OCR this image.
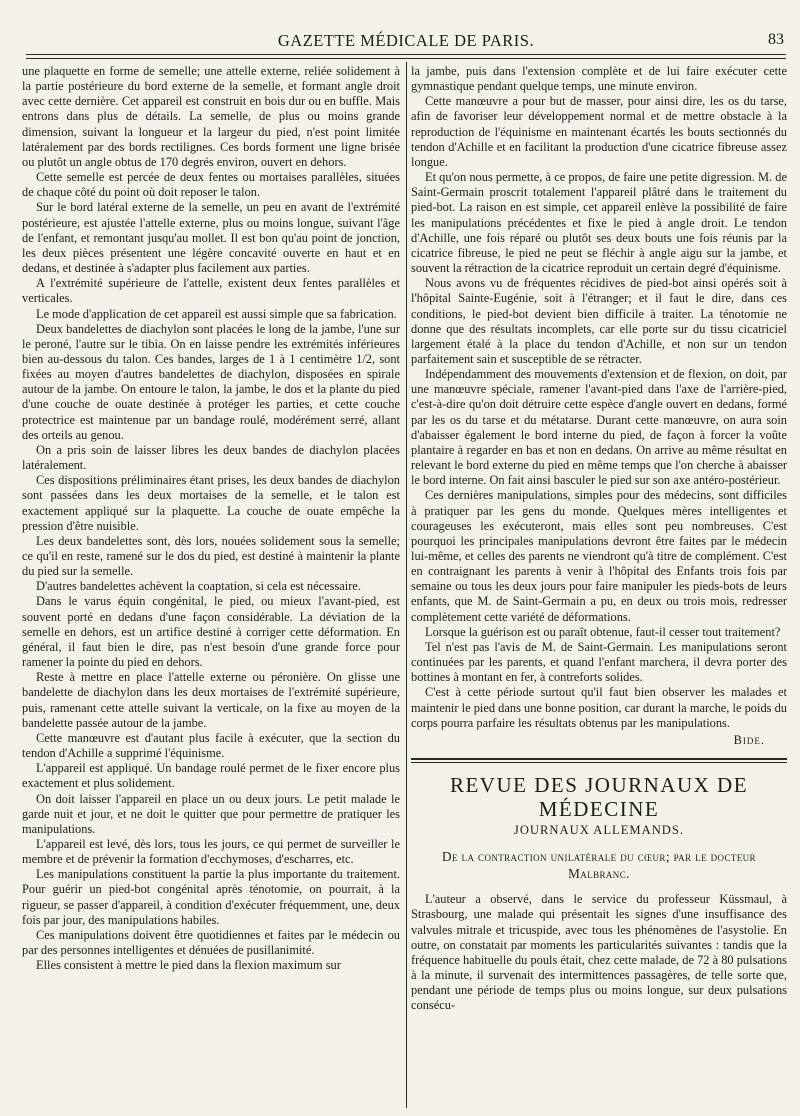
GAZETTE MÉDICALE DE PARIS.	83

une plaquette en forme de semelle; une attelle externe, reliée solidement à la partie postérieure du bord externe de la semelle, et formant angle droit avec cette dernière. Cet appareil est construit en bois dur ou en buffle. Mais entrons dans plus de détails. La semelle, de plus ou moins grande dimension, suivant la longueur et la largeur du pied, n'est point limitée latéralement par des bords rectilignes. Ces bords forment une ligne brisée ou plutôt un angle obtus de 170 degrés environ, ouvert en dehors.

Cette semelle est percée de deux fentes ou mortaises parallèles, situées de chaque côté du point où doit reposer le talon.

Sur le bord latéral externe de la semelle, un peu en avant de l'extrémité postérieure, est ajustée l'attelle externe, plus ou moins longue, suivant l'âge de l'enfant, et remontant jusqu'au mollet. Il est bon qu'au point de jonction, les deux pièces présentent une légère concavité ouverte en haut et en dedans, et destinée à s'adapter plus facilement aux parties.

A l'extrémité supérieure de l'attelle, existent deux fentes parallèles et verticales.

Le mode d'application de cet appareil est aussi simple que sa fabrication.

Deux bandelettes de diachylon sont placées le long de la jambe, l'une sur le peroné, l'autre sur le tibia. On en laisse pendre les extrémités inférieures bien au-dessous du talon. Ces bandes, larges de 1 à 1 centimètre 1/2, sont fixées au moyen d'autres bandelettes de diachylon, disposées en spirale autour de la jambe. On entoure le talon, la jambe, le dos et la plante du pied d'une couche de ouate destinée à protéger les parties, et cette couche protectrice est maintenue par un bandage roulé, modérément serré, allant des orteils au genou.

On a pris soin de laisser libres les deux bandes de diachylon placées latéralement.

Ces dispositions préliminaires étant prises, les deux bandes de diachylon sont passées dans les deux mortaises de la semelle, et le talon est exactement appliqué sur la plaquette. La couche de ouate empêche la pression d'être nuisible.

Les deux bandelettes sont, dès lors, nouées solidement sous la semelle; ce qu'il en reste, ramené sur le dos du pied, est destiné à maintenir la plante du pied sur la semelle.

D'autres bandelettes achèvent la coaptation, si cela est nécessaire.

Dans le varus équin congénital, le pied, ou mieux l'avant-pied, est souvent porté en dedans d'une façon considérable. La déviation de la semelle en dehors, est un artifice destiné à corriger cette déformation. En général, il faut bien le dire, pas n'est besoin d'une grande force pour ramener la pointe du pied en dehors.

Reste à mettre en place l'attelle externe ou péronière. On glisse une bandelette de diachylon dans les deux mortaises de l'extrémité supérieure, puis, ramenant cette attelle suivant la verticale, on la fixe au moyen de la bandelette passée autour de la jambe.

Cette manœuvre est d'autant plus facile à exécuter, que la section du tendon d'Achille a supprimé l'équinisme.

L'appareil est appliqué. Un bandage roulé permet de le fixer encore plus exactement et plus solidement.

On doit laisser l'appareil en place un ou deux jours. Le petit malade le garde nuit et jour, et ne doit le quitter que pour permettre de pratiquer les manipulations.

L'appareil est levé, dès lors, tous les jours, ce qui permet de surveiller le membre et de prévenir la formation d'ecchymoses, d'escharres, etc.

Les manipulations constituent la partie la plus importante du traitement. Pour guérir un pied-bot congénital après ténotomie, on pourrait, à la rigueur, se passer d'appareil, à condition d'exécuter fréquemment, une, deux fois par jour, des manipulations habiles.

Ces manipulations doivent être quotidiennes et faites par le médecin ou par des personnes intelligentes et dénuées de pusillanimité.

Elles consistent à mettre le pied dans la flexion maximum sur

la jambe, puis dans l'extension complète et de lui faire exécuter cette gymnastique pendant quelque temps, une minute environ.

Cette manœuvre a pour but de masser, pour ainsi dire, les os du tarse, afin de favoriser leur développement normal et de mettre obstacle à la reproduction de l'équinisme en maintenant écartés les bouts sectionnés du tendon d'Achille et en facilitant la production d'une cicatrice fibreuse assez longue.

Et qu'on nous permette, à ce propos, de faire une petite digression. M. de Saint-Germain proscrit totalement l'appareil plâtré dans le traitement du pied-bot. La raison en est simple, cet appareil enlève la possibilité de faire les manipulations précédentes et fixe le pied à angle droit. Le tendon d'Achille, une fois réparé ou plutôt ses deux bouts une fois réunis par la cicatrice fibreuse, le pied ne peut se fléchir à angle aigu sur la jambe, et souvent la rétraction de la cicatrice reproduit un certain degré d'équinisme.

Nous avons vu de fréquentes récidives de pied-bot ainsi opérés soit à l'hôpital Sainte-Eugénie, soit à l'étranger; et il faut le dire, dans ces conditions, le pied-bot devient bien difficile à traiter. La ténotomie ne donne que des résultats incomplets, car elle porte sur du tissu cicatriciel largement étalé à la place du tendon d'Achille, et non sur un tendon parfaitement sain et susceptible de se rétracter.

Indépendamment des mouvements d'extension et de flexion, on doit, par une manœuvre spéciale, ramener l'avant-pied dans l'axe de l'arrière-pied, c'est-à-dire qu'on doit détruire cette espèce d'angle ouvert en dedans, formé par les os du tarse et du métatarse. Durant cette manœuvre, on aura soin d'abaisser également le bord interne du pied, de façon à forcer la voûte plantaire à regarder en bas et non en dedans. On arrive au même résultat en relevant le bord externe du pied en même temps que l'on cherche à abaisser le bord interne. On fait ainsi basculer le pied sur son axe antéro-postérieur.

Ces dernières manipulations, simples pour des médecins, sont difficiles à pratiquer par les gens du monde. Quelques mères intelligentes et courageuses les exécuteront, mais elles sont peu nombreuses. C'est pourquoi les principales manipulations devront être faites par le médecin lui-même, et celles des parents ne viendront qu'à titre de complément. C'est en contraignant les parents à venir à l'hôpital des Enfants trois fois par semaine ou tous les deux jours pour faire manipuler les pieds-bots de leurs enfants, que M. de Saint-Germain a pu, en deux ou trois mois, redresser complètement cette variété de déformations.

Lorsque la guérison est ou paraît obtenue, faut-il cesser tout traitement?

Tel n'est pas l'avis de M. de Saint-Germain. Les manipulations seront continuées par les parents, et quand l'enfant marchera, il devra porter des bottines à montant en fer, à contreforts solides.

C'est à cette période surtout qu'il faut bien observer les malades et maintenir le pied dans une bonne position, car durant la marche, le poids du corps pourra parfaire les résultats obtenus par les manipulations.

Bide.

REVUE DES JOURNAUX DE MÉDECINE
JOURNAUX ALLEMANDS.
De la contraction unilatérale du cœur; par le docteur Malbranc.

L'auteur a observé, dans le service du professeur Küssmaul, à Strasbourg, une malade qui présentait les signes d'une insuffisance des valvules mitrale et tricuspide, avec tous les phénomènes de l'asystolie. En outre, on constatait par moments les particularités suivantes : tandis que la fréquence habituelle du pouls était, chez cette malade, de 72 à 80 pulsations à la minute, il survenait des intermittences passagères, de telle sorte que, pendant une période de temps plus ou moins longue, sur deux pulsations consécu-
